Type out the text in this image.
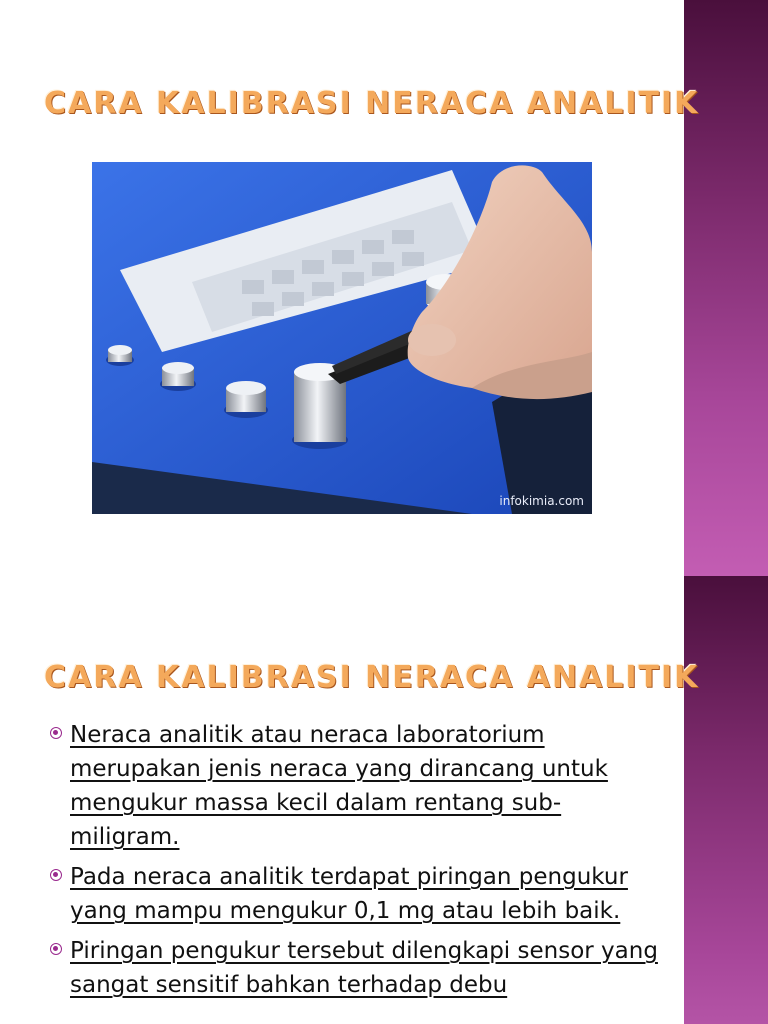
CARA KALIBRASI NERACA ANALITIK
infokimia.com
CARA KALIBRASI NERACA ANALITIK
Neraca analitik atau neraca laboratorium merupakan jenis neraca yang dirancang untuk mengukur massa kecil dalam rentang sub-miligram.
Pada neraca analitik terdapat piringan pengukur yang mampu mengukur 0,1 mg atau lebih baik.
Piringan pengukur tersebut dilengkapi sensor yang sangat sensitif bahkan terhadap debu
